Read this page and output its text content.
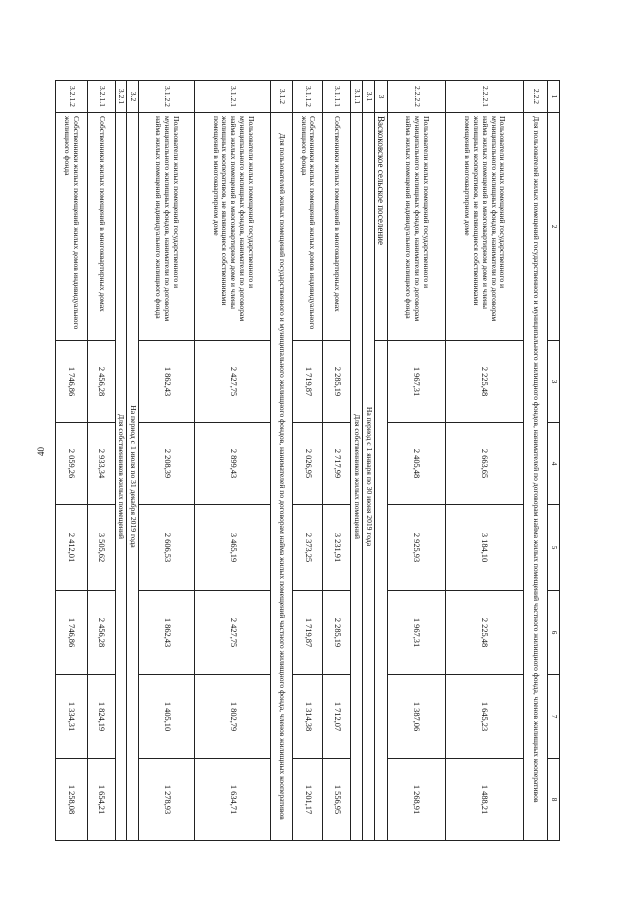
40
1	2	3	4	5	6	7	8
2.2.2	Для пользователей жилых помещений государственного и муниципального жилищного фондов, нанимателей по договорам найма жилых помещений частного жилищного фонда, членов жилищных кооперативов						
2.2.2.1	Пользователи жилых помещений государственного и муниципального жилищных фондов, наниматели по договорам найма жилых помещений в многоквартирном доме и члены жилищных кооперативов, не являющиеся собственниками помещений в многоквартирном доме	2 225,48	2 663,65	3 184,10	2 225,48	1 645,23	1 488,21
2.2.2.2	Пользователи жилых помещений государственного и муниципального жилищных фондов, наниматели по договорам найма жилых помещений индивидуального жилищного фонда	1 967,31	2 405,48	2 925,93	1 967,31	1 387,06	1 268,91
3	Васкоковское сельское поселение						
3.1	На период с 1 января по 30 июня 2019 года						
3.1.1	Для собственников жилых помещений						
3.1.1.1	Собственники жилых помещений в многоквартирных домах	2 285,19	2 717,99	3 231,91	2 285,19	1 712,07	1 556,95
3.1.1.2	Собственники жилых помещений жилых домов индивидуального жилищного фонда	1 719,87	2 026,95	2 373,25	1 719,87	1 314,38	1 201,17
3.1.2	Для пользователей жилых помещений государственного и муниципального жилищного фондов, нанимателей по договорам найма жилых помещений частного жилищного фонда, членов жилищных кооперативов						
3.1.2.1	Пользователи жилых помещений государственного и муниципального жилищных фондов, наниматели по договорам найма жилых помещений в многоквартирном доме и члены жилищных кооперативов, не являющиеся собственниками помещений в многоквартирном доме	2 427,75	2 899,43	3 465,19	2 427,75	1 802,79	1 634,71
3.1.2.2	Пользователи жилых помещений государственного и муниципального жилищных фондов, наниматели по договорам найма жилых помещений индивидуального жилищного фонда	1 862,43	2 208,39	2 606,53	1 862,43	1 405,10	1 278,93
3.2	На период с 1 июля по 31 декабря 2019 года						
3.2.1	Для собственников жилых помещений						
3.2.1.1	Собственники жилых помещений в многоквартирных домах	2 456,28	2 933,34	3 505,62	2 456,28	1 824,19	1 654,21
3.2.1.2	Собственники жилых помещений жилых домов индивидуального жилищного фонда	1 746,86	2 059,26	2 412,01	1 746,86	1 334,31	1 258,08
